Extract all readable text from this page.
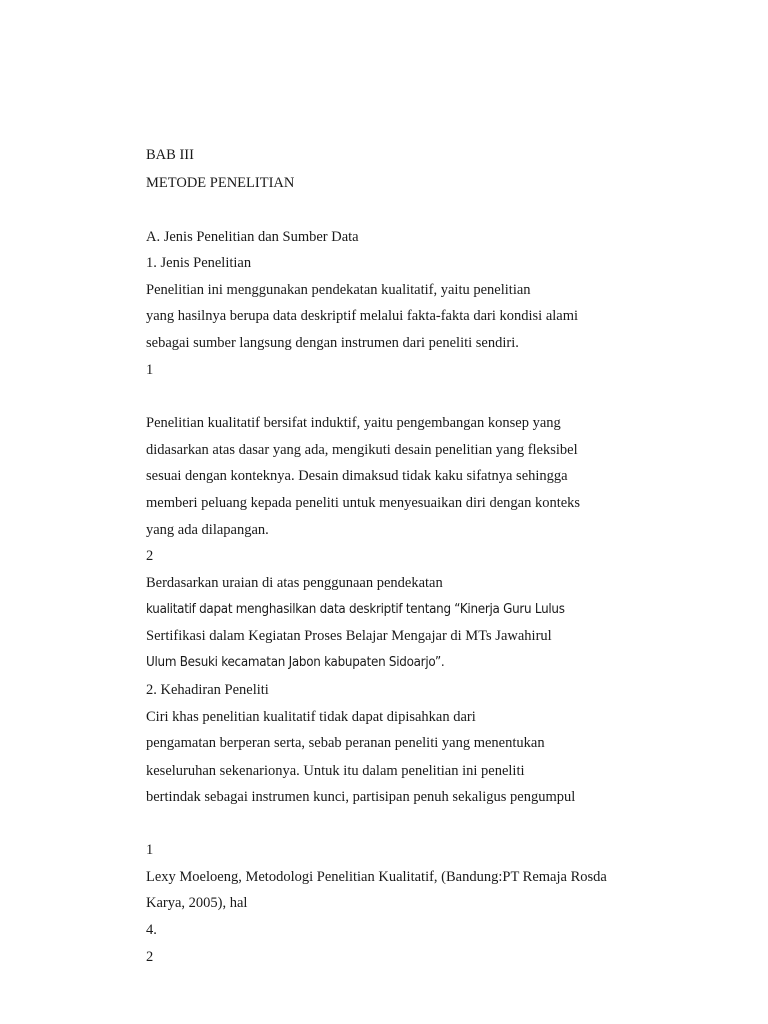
BAB III

METODE PENELITIAN

A. Jenis Penelitian dan Sumber Data

1. Jenis Penelitian

Penelitian ini menggunakan pendekatan kualitatif, yaitu penelitian

yang hasilnya berupa data deskriptif melalui fakta-fakta dari kondisi alami

sebagai sumber langsung dengan instrumen dari peneliti sendiri.

1

Penelitian kualitatif bersifat induktif, yaitu pengembangan konsep yang

didasarkan atas dasar yang ada, mengikuti desain penelitian yang fleksibel

sesuai dengan konteknya. Desain dimaksud tidak kaku sifatnya sehingga

memberi peluang kepada peneliti untuk menyesuaikan diri dengan konteks

yang ada dilapangan.

2

Berdasarkan uraian di atas penggunaan pendekatan

kualitatif dapat menghasilkan data deskriptif tentang “Kinerja Guru Lulus

Sertifikasi dalam Kegiatan Proses Belajar Mengajar di MTs Jawahirul

Ulum Besuki kecamatan Jabon kabupaten Sidoarjo”.

2. Kehadiran Peneliti

Ciri khas penelitian kualitatif tidak dapat dipisahkan dari

pengamatan berperan serta, sebab peranan peneliti yang menentukan

keseluruhan sekenarionya. Untuk itu dalam penelitian ini peneliti

bertindak sebagai instrumen kunci, partisipan penuh sekaligus pengumpul

1

Lexy Moeloeng, Metodologi Penelitian Kualitatif, (Bandung:PT Remaja Rosda

Karya, 2005), hal

4.

2
